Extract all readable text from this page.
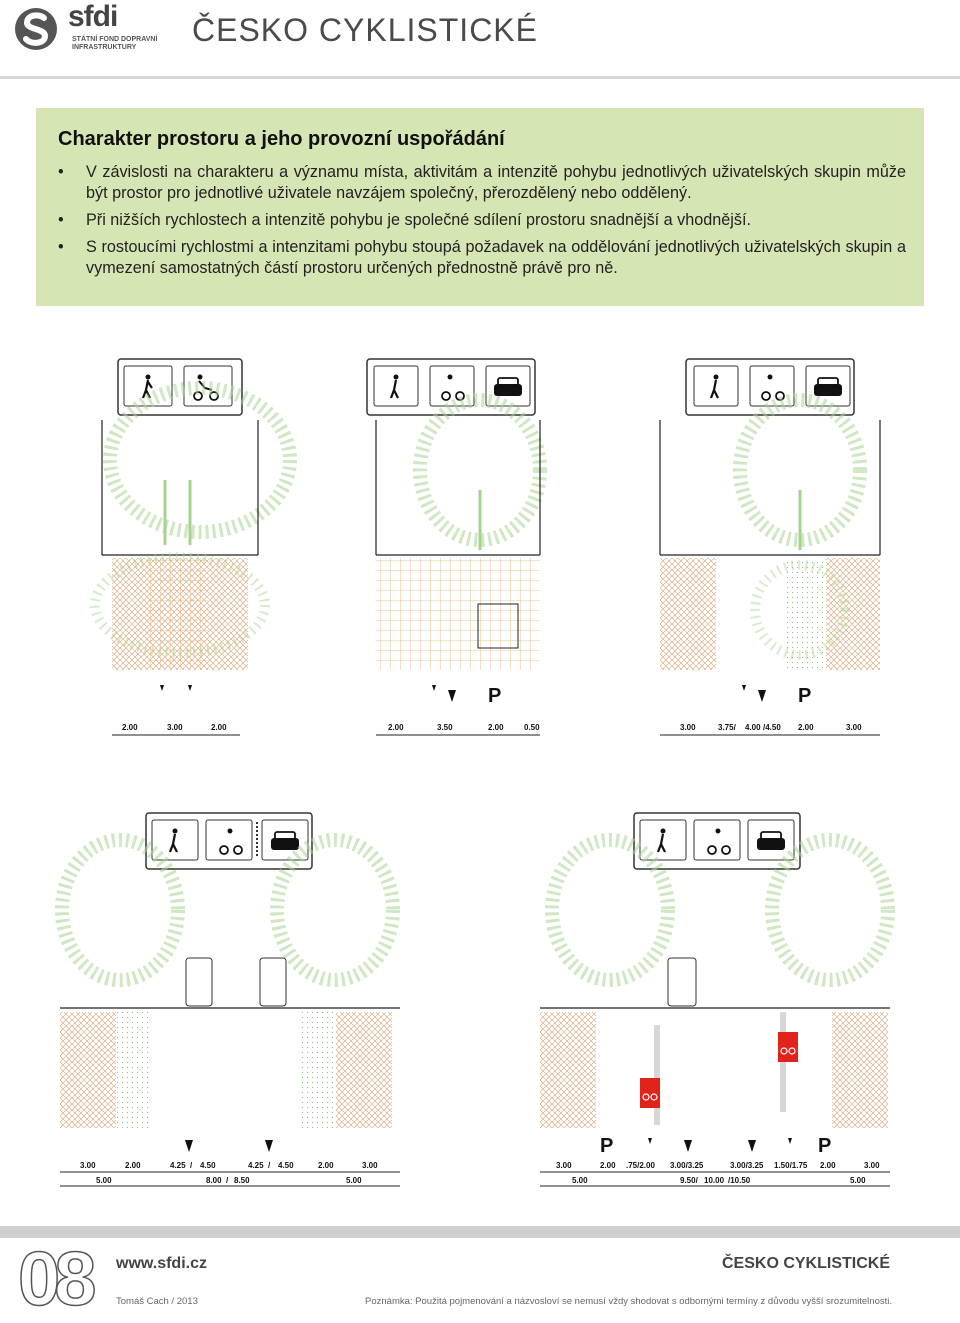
sfdi
STÁTNÍ FOND DOPRAVNÍ INFRASTRUKTURY	ČESKO CYKLISTICKÉ
Charakter prostoru a jeho provozní uspořádání
• V závislosti na charakteru a významu místa, aktivitám a intenzitě pohybu jednotlivých uživatelských skupin může být prostor pro jednotlivé uživatele navzájem společný, přerozdělený nebo oddělený.
• Při nižších rychlostech a intenzitě pohybu je společné sdílení prostoru snadnější a vhodnější.
• S rostoucími rychlostmi a intenzitami pohybu stoupá požadavek na oddělování jednotlivých uživatelských skupin a vymezení samostatných částí prostoru určených přednostně právě pro ně.
2.00	3.00	2.00
P
2.00	3.50	2.00	0.50
P
3.00	3.75/ 4.00 /4.50 2.00	3.00
3.00	2.00	4.25 / 4.50	4.25 / 4.50	2.00	3.00
5.00	8.00 / 8.50	5.00
P	P
3.00	2.00 .75/2.00 3.00/3.25	3.00/3.25 1.50/1.75 2.00	3.00
5.00	9.50/ 10.00 /10.50	5.00
08 www.sfdi.cz
Tomáš Cach / 2013
ČESKO CYKLISTICKÉ
Poznámka: Použitá pojmenování a názvosloví se nemusí vždy shodovat s odbornými termíny z důvodu vyšší srozumitelnosti.
